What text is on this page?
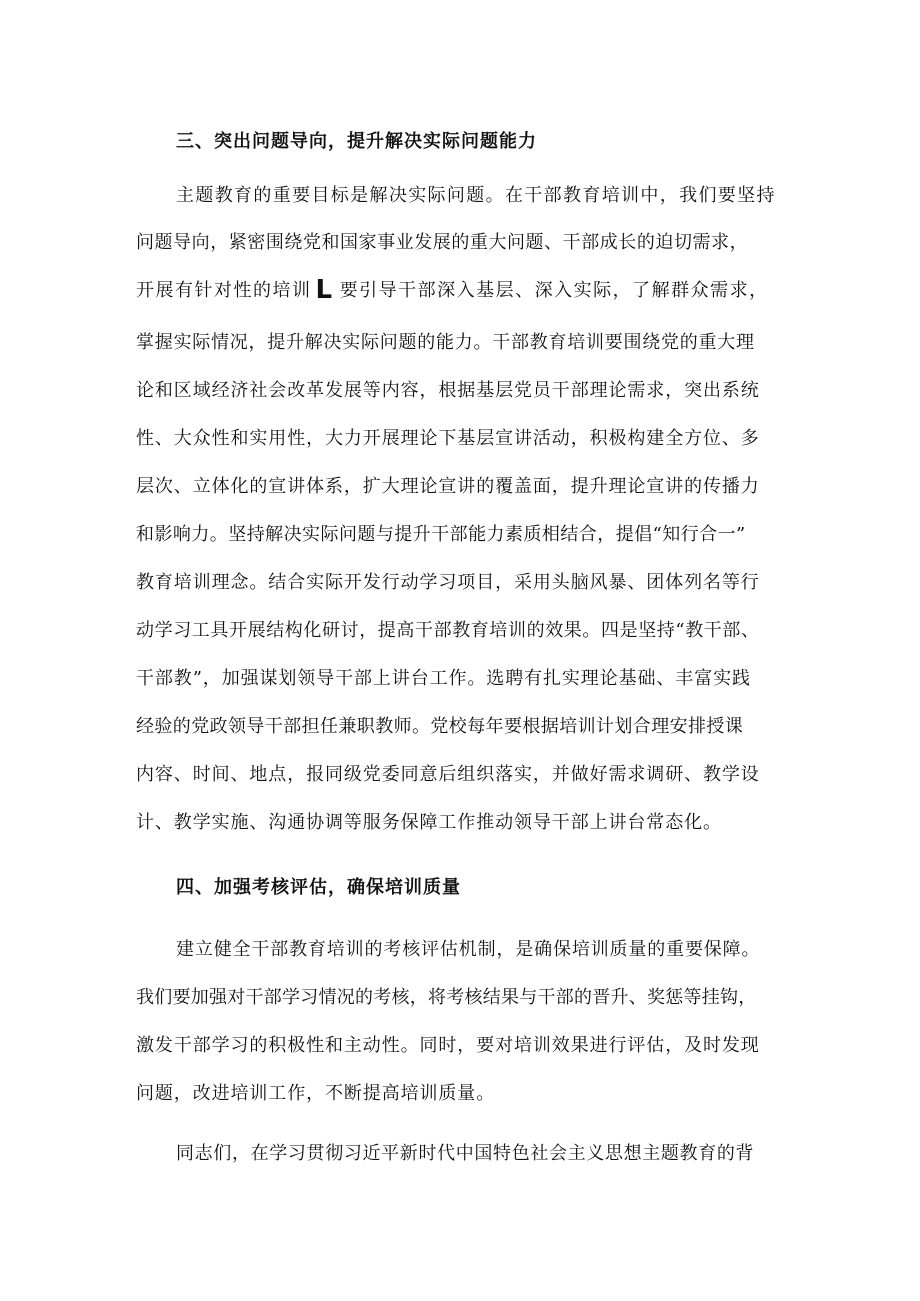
三、突出问题导向，提升解决实际问题能力
主题教育的重要目标是解决实际问题。在干部教育培训中，我们要坚持
问题导向，紧密围绕党和国家事业发展的重大问题、干部成长的迫切需求，
开展有针对性的培训 L 要引导干部深入基层、深入实际，了解群众需求，
掌握实际情况，提升解决实际问题的能力。干部教育培训要围绕党的重大理
论和区域经济社会改革发展等内容，根据基层党员干部理论需求，突出系统
性、大众性和实用性，大力开展理论下基层宣讲活动，积极构建全方位、多
层次、立体化的宣讲体系，扩大理论宣讲的覆盖面，提升理论宣讲的传播力
和影响力。坚持解决实际问题与提升干部能力素质相结合，提倡“知行合一”
教育培训理念。结合实际开发行动学习项目，采用头脑风暴、团体列名等行
动学习工具开展结构化研讨，提高干部教育培训的效果。四是坚持“教干部、
干部教”，加强谋划领导干部上讲台工作。选聘有扎实理论基础、丰富实践
经验的党政领导干部担任兼职教师。党校每年要根据培训计划合理安排授课
内容、时间、地点，报同级党委同意后组织落实，并做好需求调研、教学设
计、教学实施、沟通协调等服务保障工作推动领导干部上讲台常态化。
四、加强考核评估，确保培训质量
建立健全干部教育培训的考核评估机制，是确保培训质量的重要保障。
我们要加强对干部学习情况的考核，将考核结果与干部的晋升、奖惩等挂钩，
激发干部学习的积极性和主动性。同时，要对培训效果进行评估，及时发现
问题，改进培训工作，不断提高培训质量。
同志们，在学习贯彻习近平新时代中国特色社会主义思想主题教育的背
